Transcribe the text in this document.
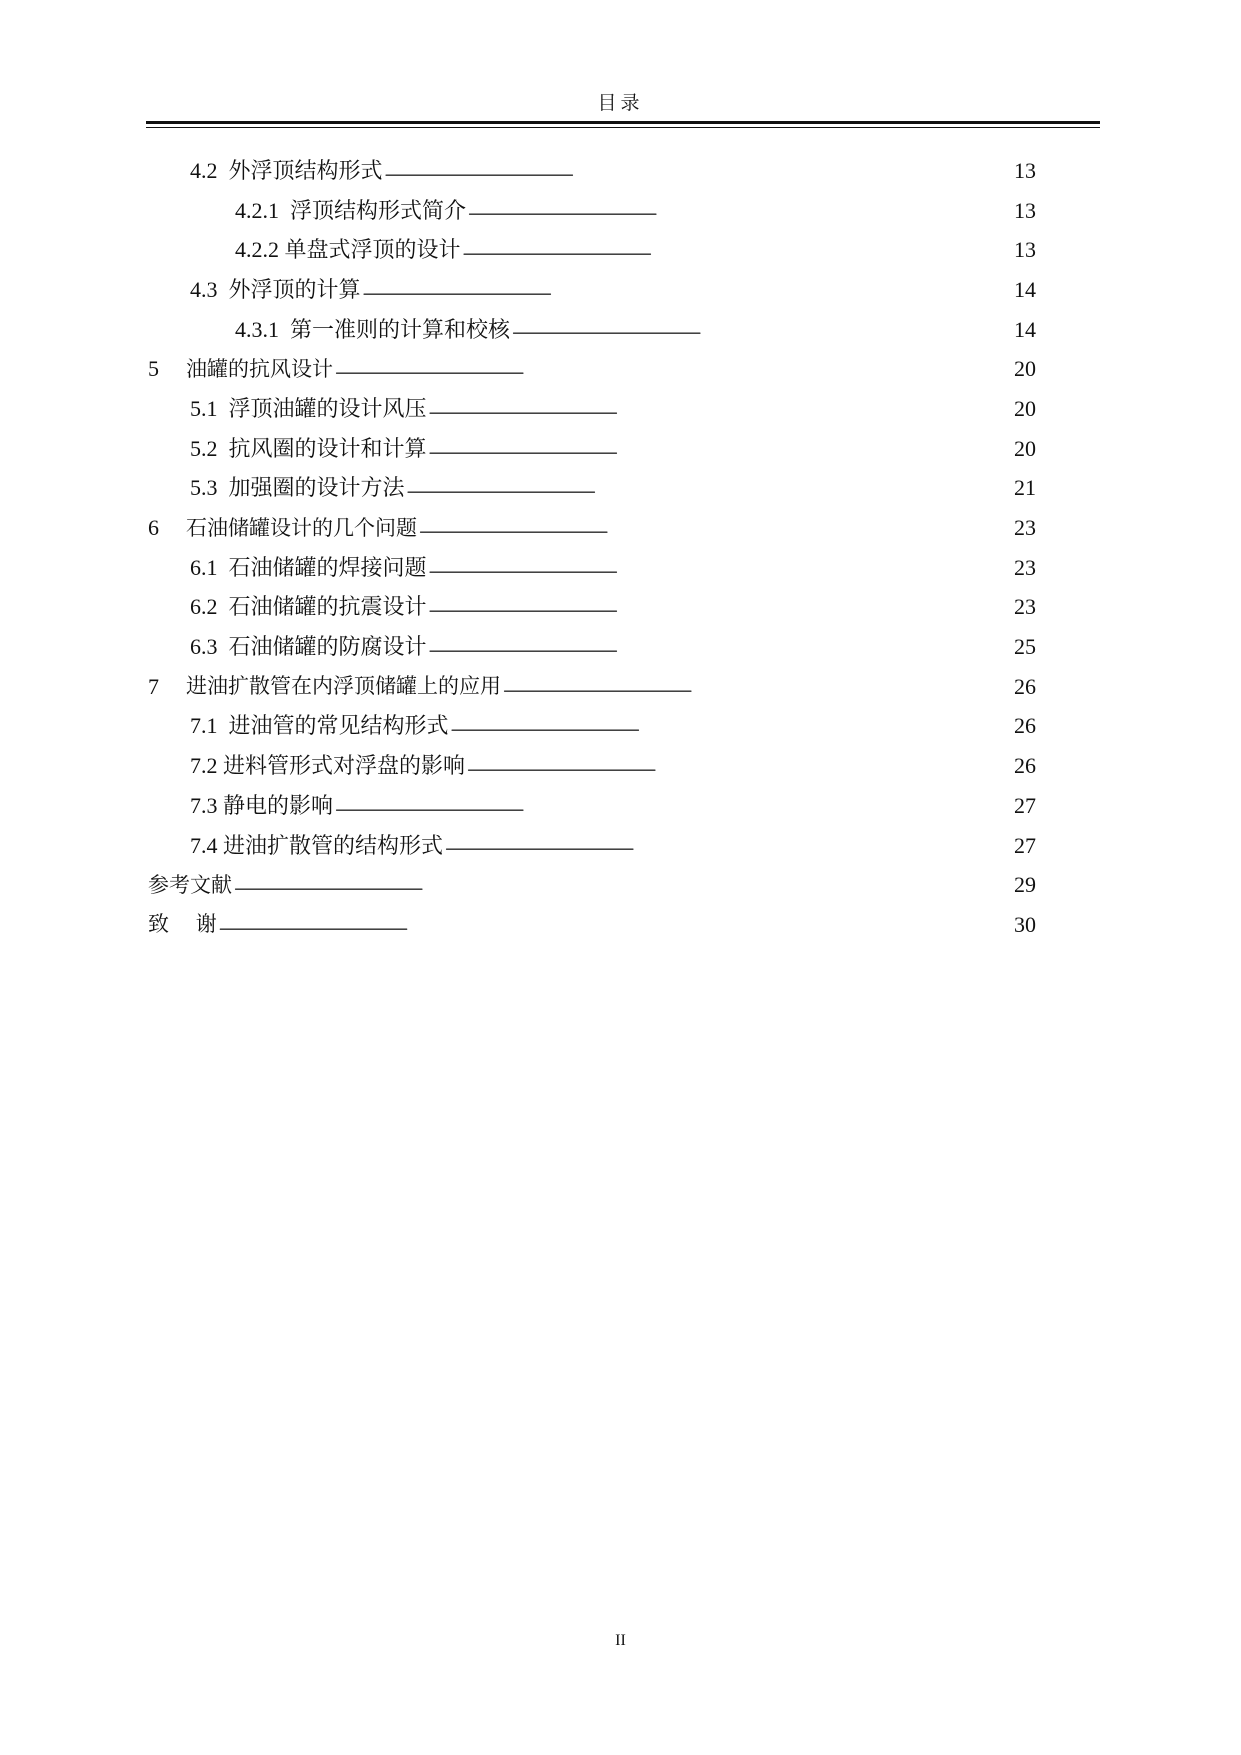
目录
4.2 外浮顶结构形式 . . .	13
4.2.1 浮顶结构形式简介 . . .	13
4.2.2 单盘式浮顶的设计 . . .	13
4.3 外浮顶的计算 . . .	14
4.3.1 第一准则的计算和校核 . . .	14
5	油罐的抗风设计 . . .	20
5.1 浮顶油罐的设计风压 . . .	20
5.2 抗风圈的设计和计算 . . .	20
5.3 加强圈的设计方法 . . .	21
6	石油储罐设计的几个问题 . . .	23
6.1 石油储罐的焊接问题 . . .	23
6.2 石油储罐的抗震设计 . . .	23
6.3 石油储罐的防腐设计 . . .	25
7	进油扩散管在内浮顶储罐上的应用 . . .	26
7.1 进油管的常见结构形式 . . .	26
7.2 进料管形式对浮盘的影响 . . .	26
7.3 静电的影响 . . .	27
7.4 进油扩散管的结构形式 . . .	27
参考文献 . . .	29
致    谢 . . .	30
II
